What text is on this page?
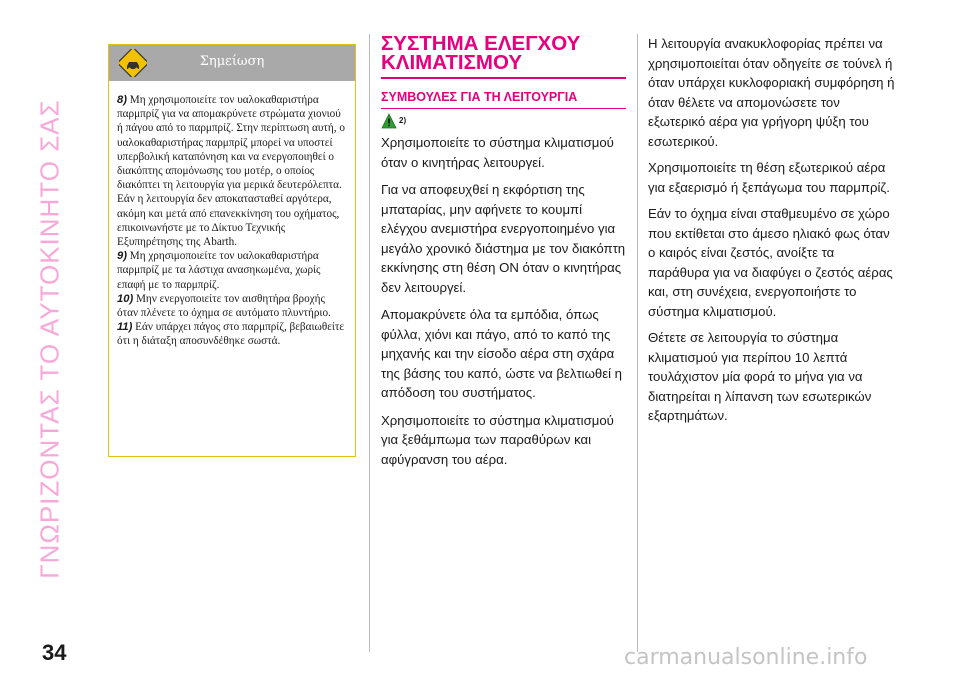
ΓΝΩΡΙΖΟΝΤΑΣ ΤΟ ΑΥΤΟΚΙΝΗΤΟ ΣΑΣ
34
Σημείωση

8) Μη χρησιμοποιείτε τον υαλοκαθαριστήρα παρμπρίζ για να απομακρύνετε στρώματα χιονιού ή πάγου από το παρμπρίζ. Στην περίπτωση αυτή, ο υαλοκαθαριστήρας παρμπρίζ μπορεί να υποστεί υπερβολική καταπόνηση και να ενεργοποιηθεί ο διακόπτης απομόνωσης του μοτέρ, ο οποίος διακόπτει τη λειτουργία για μερικά δευτερόλεπτα. Εάν η λειτουργία δεν αποκατασταθεί αργότερα, ακόμη και μετά από επανεκκίνηση του οχήματος, επικοινωνήστε με το Δίκτυο Τεχνικής Εξυπηρέτησης της Abarth.

9) Μη χρησιμοποιείτε τον υαλοκαθαριστήρα παρμπρίζ με τα λάστιχα ανασηκωμένα, χωρίς επαφή με το παρμπρίζ.

10) Μην ενεργοποιείτε τον αισθητήρα βροχής όταν πλένετε το όχημα σε αυτόματο πλυντήριο.

11) Εάν υπάρχει πάγος στο παρμπρίζ, βεβαιωθείτε ότι η διάταξη αποσυνδέθηκε σωστά.

ΣΥΣΤΗΜΑ ΕΛΕΓΧΟΥ
ΚΛΙΜΑΤΙΣΜΟΥ
ΣΥΜΒΟΥΛΕΣ ΓΙΑ ΤΗ ΛΕΙΤΟΥΡΓΙΑ
2)

Χρησιμοποιείτε το σύστημα κλιματισμού όταν ο κινητήρας λειτουργεί.

Για να αποφευχθεί η εκφόρτιση της μπαταρίας, μην αφήνετε το κουμπί ελέγχου ανεμιστήρα ενεργοποιημένο για μεγάλο χρονικό διάστημα με τον διακόπτη εκκίνησης στη θέση ON όταν ο κινητήρας δεν λειτουργεί.

Απομακρύνετε όλα τα εμπόδια, όπως φύλλα, χιόνι και πάγο, από το καπό της μηχανής και την είσοδο αέρα στη σχάρα της βάσης του καπό, ώστε να βελτιωθεί η απόδοση του συστήματος.

Χρησιμοποιείτε το σύστημα κλιματισμού για ξεθάμπωμα των παραθύρων και αφύγρανση του αέρα.

Η λειτουργία ανακυκλοφορίας πρέπει να χρησιμοποιείται όταν οδηγείτε σε τούνελ ή όταν υπάρχει κυκλοφοριακή συμφόρηση ή όταν θέλετε να απομονώσετε τον εξωτερικό αέρα για γρήγορη ψύξη του εσωτερικού.

Χρησιμοποιείτε τη θέση εξωτερικού αέρα για εξαερισμό ή ξεπάγωμα του παρμπρίζ.

Εάν το όχημα είναι σταθμευμένο σε χώρο που εκτίθεται στο άμεσο ηλιακό φως όταν ο καιρός είναι ζεστός, ανοίξτε τα παράθυρα για να διαφύγει ο ζεστός αέρας και, στη συνέχεια, ενεργοποιήστε το σύστημα κλιματισμού.

Θέτετε σε λειτουργία το σύστημα κλιματισμού για περίπου 10 λεπτά τουλάχιστον μία φορά το μήνα για να διατηρείται η λίπανση των εσωτερικών εξαρτημάτων.

carmanualsonline.info
